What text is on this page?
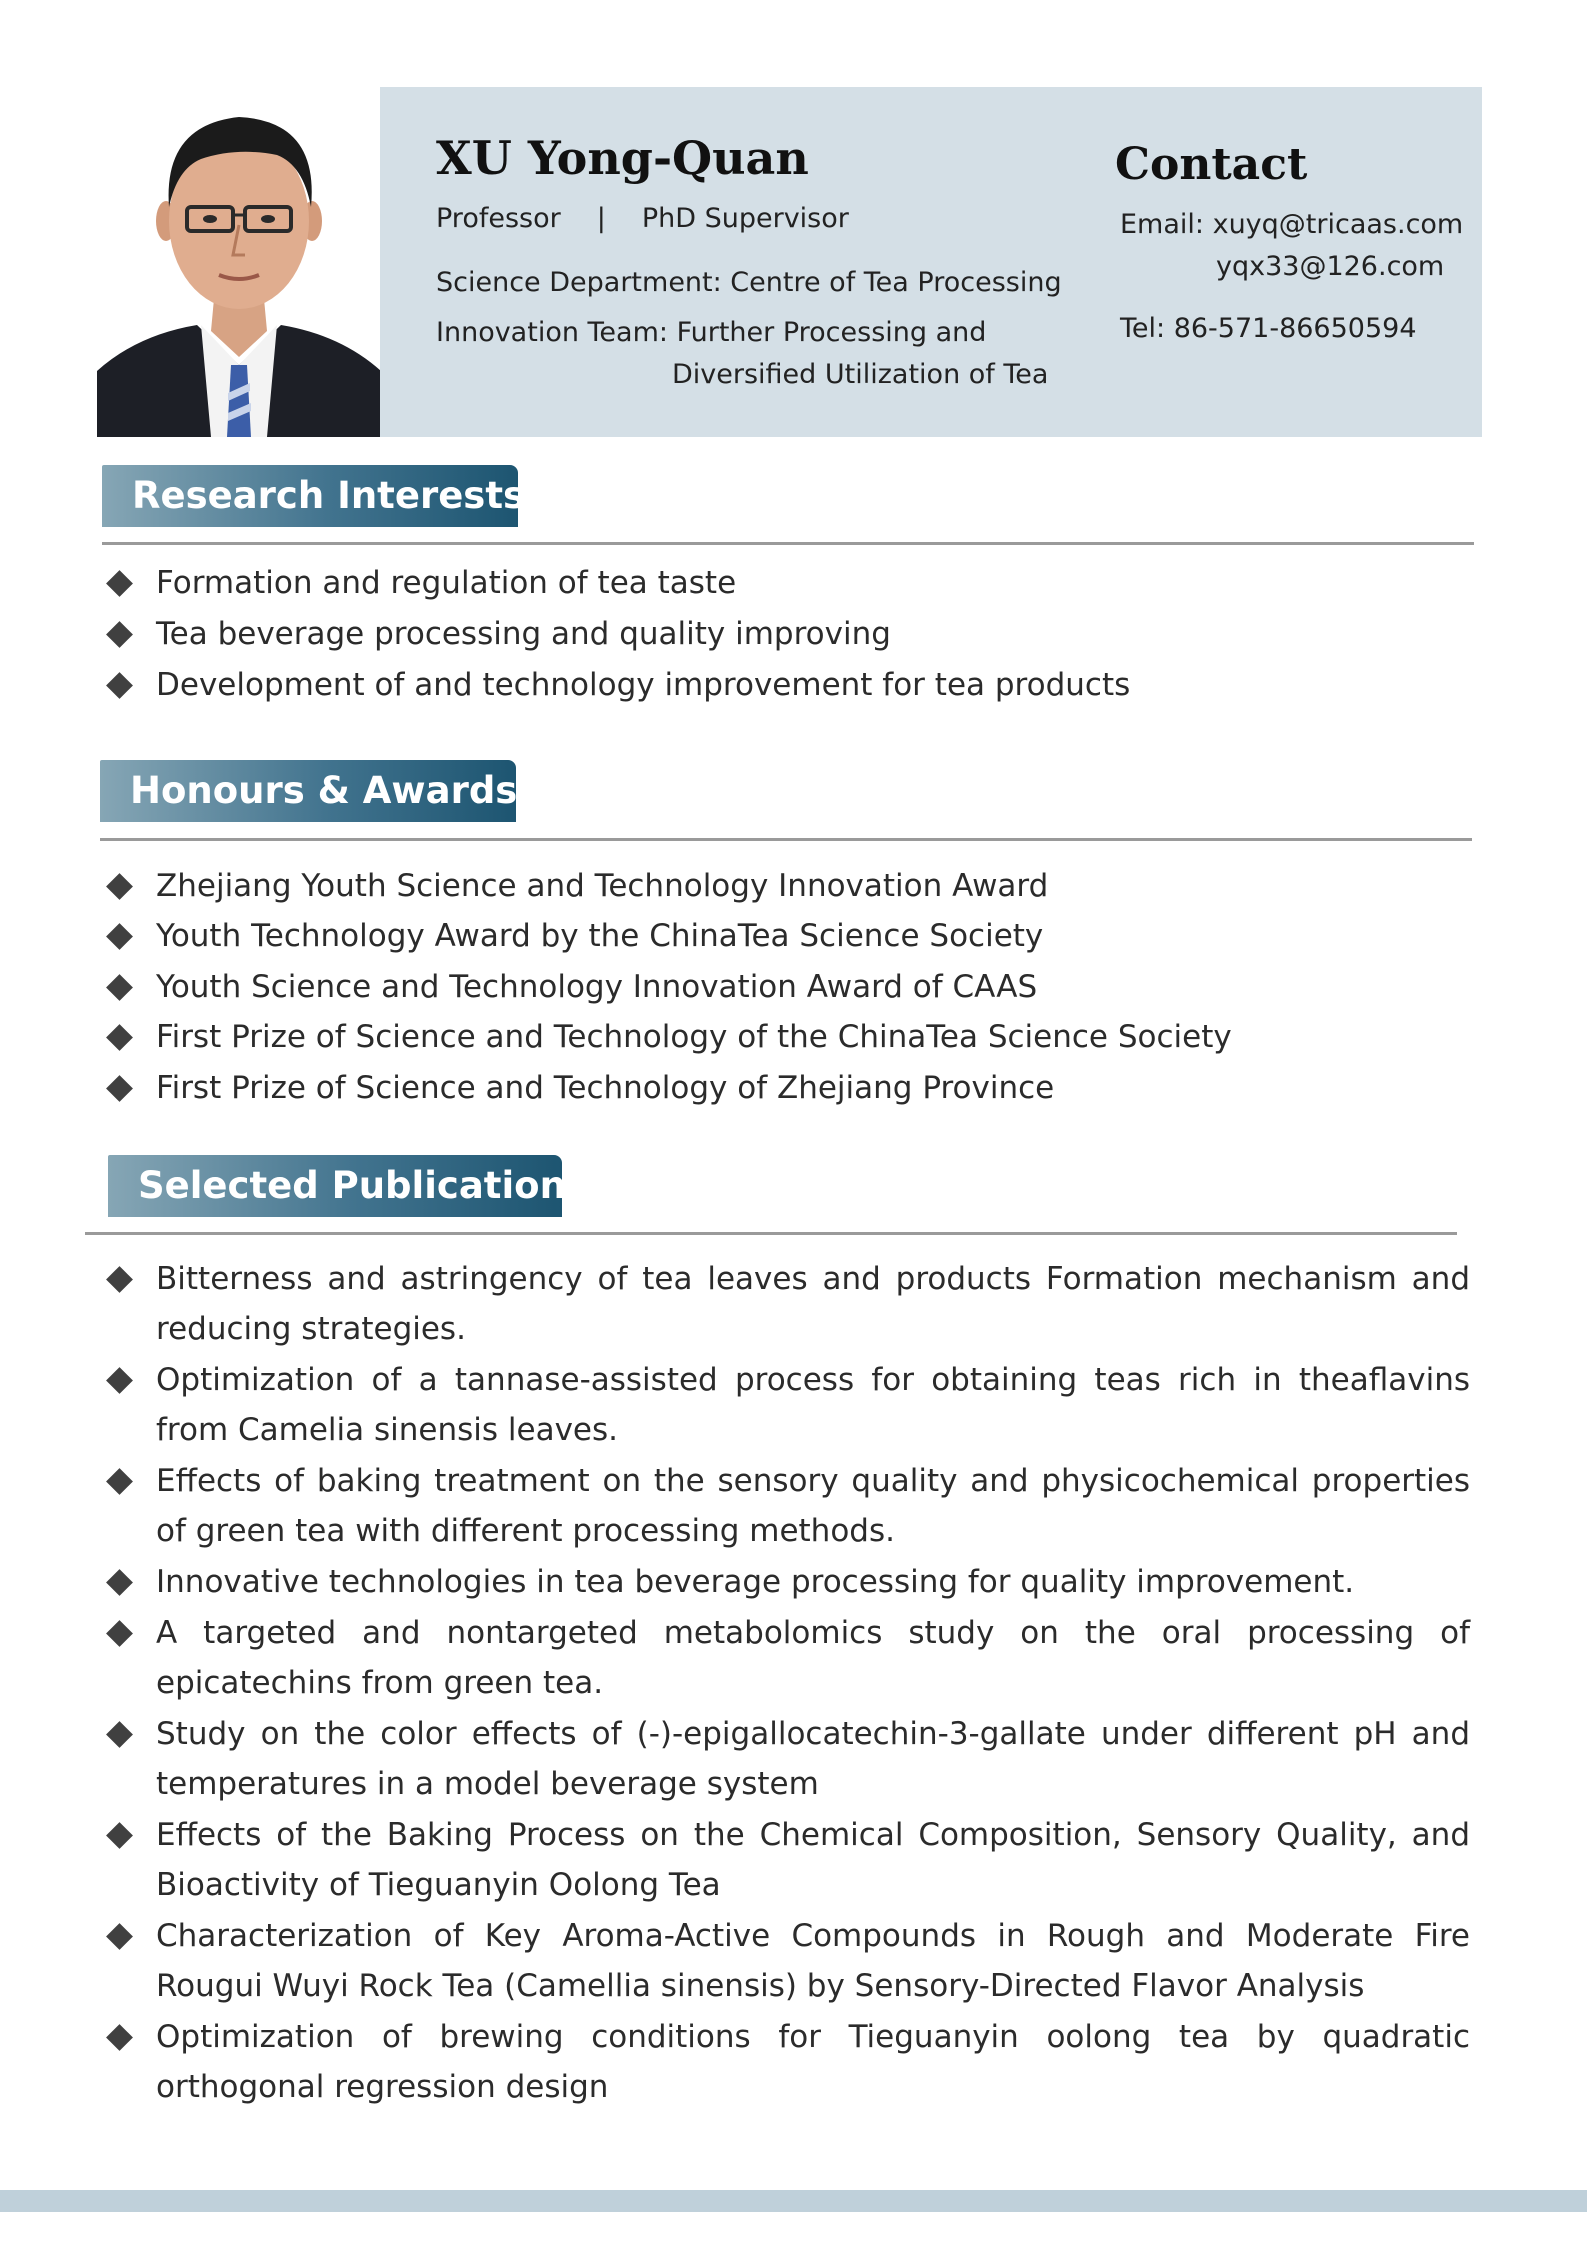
XU Yong-Quan
Professor | PhD Supervisor
Science Department: Centre of Tea Processing
Innovation Team: Further Processing and
Diversified Utilization of Tea
Contact
Email: xuyq@tricaas.com
yqx33@126.com
Tel: 86-571-86650594
Research Interests
Formation and regulation of tea taste
Tea beverage processing and quality improving
Development of and technology improvement for tea products
Honours & Awards
Zhejiang Youth Science and Technology Innovation Award
Youth Technology Award by the ChinaTea Science Society
Youth Science and Technology Innovation Award of CAAS
First Prize of Science and Technology of the ChinaTea Science Society
First Prize of Science and Technology of Zhejiang Province
Selected Publications
Bitterness and astringency of tea leaves and products Formation mechanism and reducing strategies.
Optimization of a tannase-assisted process for obtaining teas rich in theaflavins from Camelia sinensis leaves.
Effects of baking treatment on the sensory quality and physicochemical properties of green tea with different processing methods.
Innovative technologies in tea beverage processing for quality improvement.
A targeted and nontargeted metabolomics study on the oral processing of epicatechins from green tea.
Study on the color effects of (-)-epigallocatechin-3-gallate under different pH and temperatures in a model beverage system
Effects of the Baking Process on the Chemical Composition, Sensory Quality, and Bioactivity of Tieguanyin Oolong Tea
Characterization of Key Aroma-Active Compounds in Rough and Moderate Fire Rougui Wuyi Rock Tea (Camellia sinensis) by Sensory-Directed Flavor Analysis
Optimization of brewing conditions for Tieguanyin oolong tea by quadratic orthogonal regression design
